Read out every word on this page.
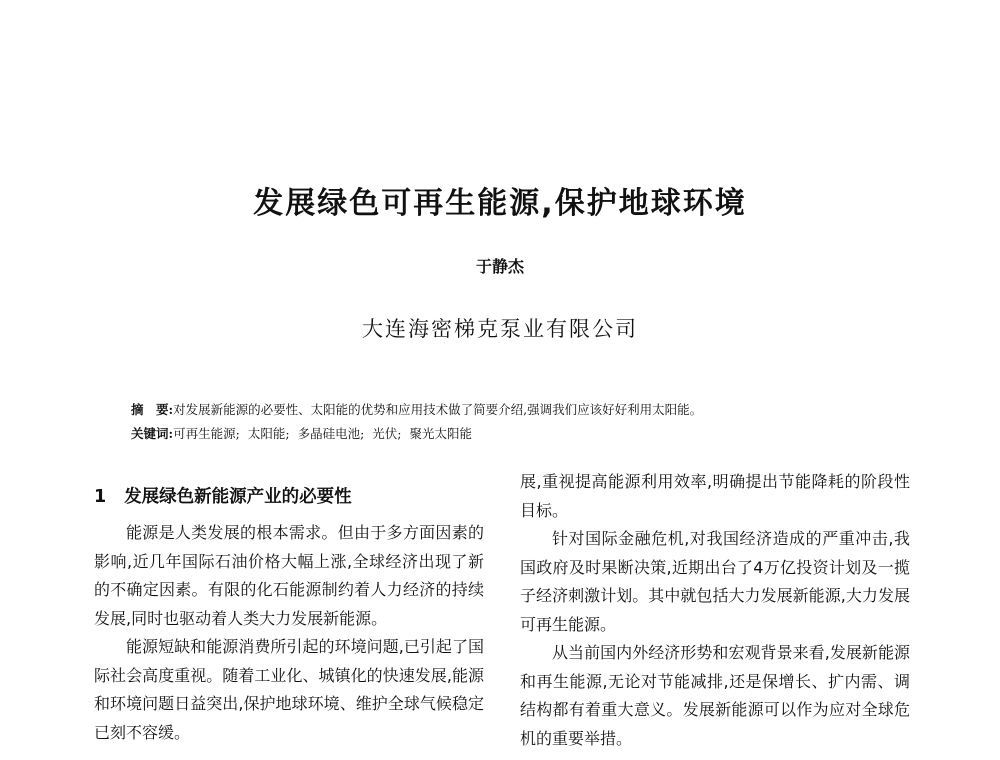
发展绿色可再生能源,保护地球环境
于静杰
大连海密梯克泵业有限公司
摘　要:对发展新能源的必要性、太阳能的优势和应用技术做了简要介绍,强调我们应该好好利用太阳能。
关键词:可再生能源; 太阳能; 多晶硅电池; 光伏; 聚光太阳能
1 发展绿色新能源产业的必要性

能源是人类发展的根本需求。但由于多方面因素的影响,近几年国际石油价格大幅上涨,全球经济出现了新的不确定因素。有限的化石能源制约着人力经济的持续发展,同时也驱动着人类大力发展新能源。

能源短缺和能源消费所引起的环境问题,已引起了国际社会高度重视。随着工业化、城镇化的快速发展,能源和环境问题日益突出,保护地球环境、维护全球气候稳定已刻不容缓。

展,重视提高能源利用效率,明确提出节能降耗的阶段性目标。

针对国际金融危机,对我国经济造成的严重冲击,我国政府及时果断决策,近期出台了4万亿投资计划及一揽子经济刺激计划。其中就包括大力发展新能源,大力发展可再生能源。

从当前国内外经济形势和宏观背景来看,发展新能源和再生能源,无论对节能减排,还是保增长、扩内需、调结构都有着重大意义。发展新能源可以作为应对全球危机的重要举措。
